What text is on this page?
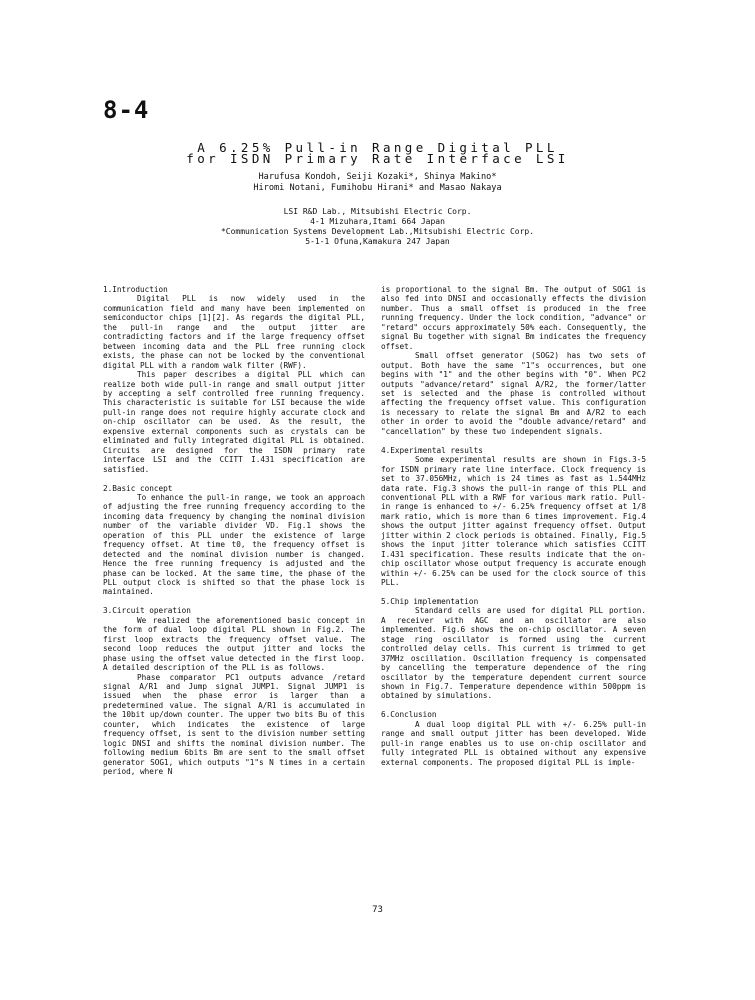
8-4
A 6.25% Pull-in Range Digital PLL
for ISDN Primary Rate Interface LSI
Harufusa Kondoh, Seiji Kozaki*, Shinya Makino*
Hiromi Notani, Fumihobu Hirani* and Masao Nakaya
LSI R&D Lab., Mitsubishi Electric Corp.
4-1 Mizuhara,Itami 664 Japan
*Communication Systems Development Lab.,Mitsubishi Electric Corp.
5-1-1 Ofuna,Kamakura 247 Japan
1.Introduction

Digital PLL is now widely used in the communication field and many have been implemented on semiconductor chips [1][2]. As regards the digital PLL, the pull-in range and the output jitter are contradicting factors and if the large frequency offset between incoming data and the PLL free running clock exists, the phase can not be locked by the conventional digital PLL with a random walk filter (RWF).

This paper describes a digital PLL which can realize both wide pull-in range and small output jitter by accepting a self controlled free running frequency. This characteristic is suitable for LSI because the wide pull-in range does not require highly accurate clock and on-chip oscillator can be used. As the result, the expensive external components such as crystals can be eliminated and fully integrated digital PLL is obtained. Circuits are designed for the ISDN primary rate interface LSI and the CCITT I.431 specification are satisfied.

2.Basic concept

To enhance the pull-in range, we took an approach of adjusting the free running frequency according to the incoming data frequency by changing the nominal division number of the variable divider VD. Fig.1 shows the operation of this PLL under the existence of large frequency offset. At time t0, the frequency offset is detected and the nominal division number is changed. Hence the free running frequency is adjusted and the phase can be locked. At the same time, the phase of the PLL output clock is shifted so that the phase lock is maintained.

3.Circuit operation

We realized the aforementioned basic concept in the form of dual loop digital PLL shown in Fig.2. The first loop extracts the frequency offset value. The second loop reduces the output jitter and locks the phase using the offset value detected in the first loop. A detailed description of the PLL is as follows.

Phase comparator PC1 outputs advance /retard signal A/R1 and Jump signal JUMP1. Signal JUMP1 is issued when the phase error is larger than a predetermined value. The signal A/R1 is accumulated in the 10bit up/down counter. The upper two bits Bu of this counter, which indicates the existence of large frequency offset, is sent to the division number setting logic DNSI and shifts the nominal division number. The following medium 6bits Bm are sent to the small offset generator SOG1, which outputs "1"s N times in a certain period, where N

is proportional to the signal Bm. The output of SOG1 is also fed into DNSI and occasionally effects the division number. Thus a small offset is produced in the free running frequency. Under the lock condition, "advance" or "retard" occurs approximately 50% each. Consequently, the signal Bu together with signal Bm indicates the frequency offset.

Small offset generator (SOG2) has two sets of output. Both have the same "1"s occurrences, but one begins with "1" and the other begins with "0". When PC2 outputs "advance/retard" signal A/R2, the former/latter set is selected and the phase is controlled without affecting the frequency offset value. This configuration is necessary to relate the signal Bm and A/R2 to each other in order to avoid the "double advance/retard" and "cancellation" by these two independent signals.

4.Experimental results

Some experimental results are shown in Figs.3-5 for ISDN primary rate line interface. Clock frequency is set to 37.056MHz, which is 24 times as fast as 1.544MHz data rate. Fig.3 shows the pull-in range of this PLL and conventional PLL with a RWF for various mark ratio. Pull-in range is enhanced to +/- 6.25% frequency offset at 1/8 mark ratio, which is more than 6 times improvement. Fig.4 shows the output jitter against frequency offset. Output jitter within 2 clock periods is obtained. Finally, Fig.5 shows the input jitter tolerance which satisfies CCITT I.431 specification. These results indicate that the on-chip oscillator whose output frequency is accurate enough within +/- 6.25% can be used for the clock source of this PLL.

5.Chip implementation

Standard cells are used for digital PLL portion. A receiver with AGC and an oscillator are also implemented. Fig.6 shows the on-chip oscillator. A seven stage ring oscillator is formed using the current controlled delay cells. This current is trimmed to get 37MHz oscillation. Oscillation frequency is compensated by cancelling the temperature dependence of the ring oscillator by the temperature dependent current source shown in Fig.7. Temperature dependence within 500ppm is obtained by simulations.

6.Conclusion

A dual loop digital PLL with +/- 6.25% pull-in range and small output jitter has been developed. Wide pull-in range enables us to use on-chip oscillator and fully integrated PLL is obtained without any expensive external components. The proposed digital PLL is imple-

73
